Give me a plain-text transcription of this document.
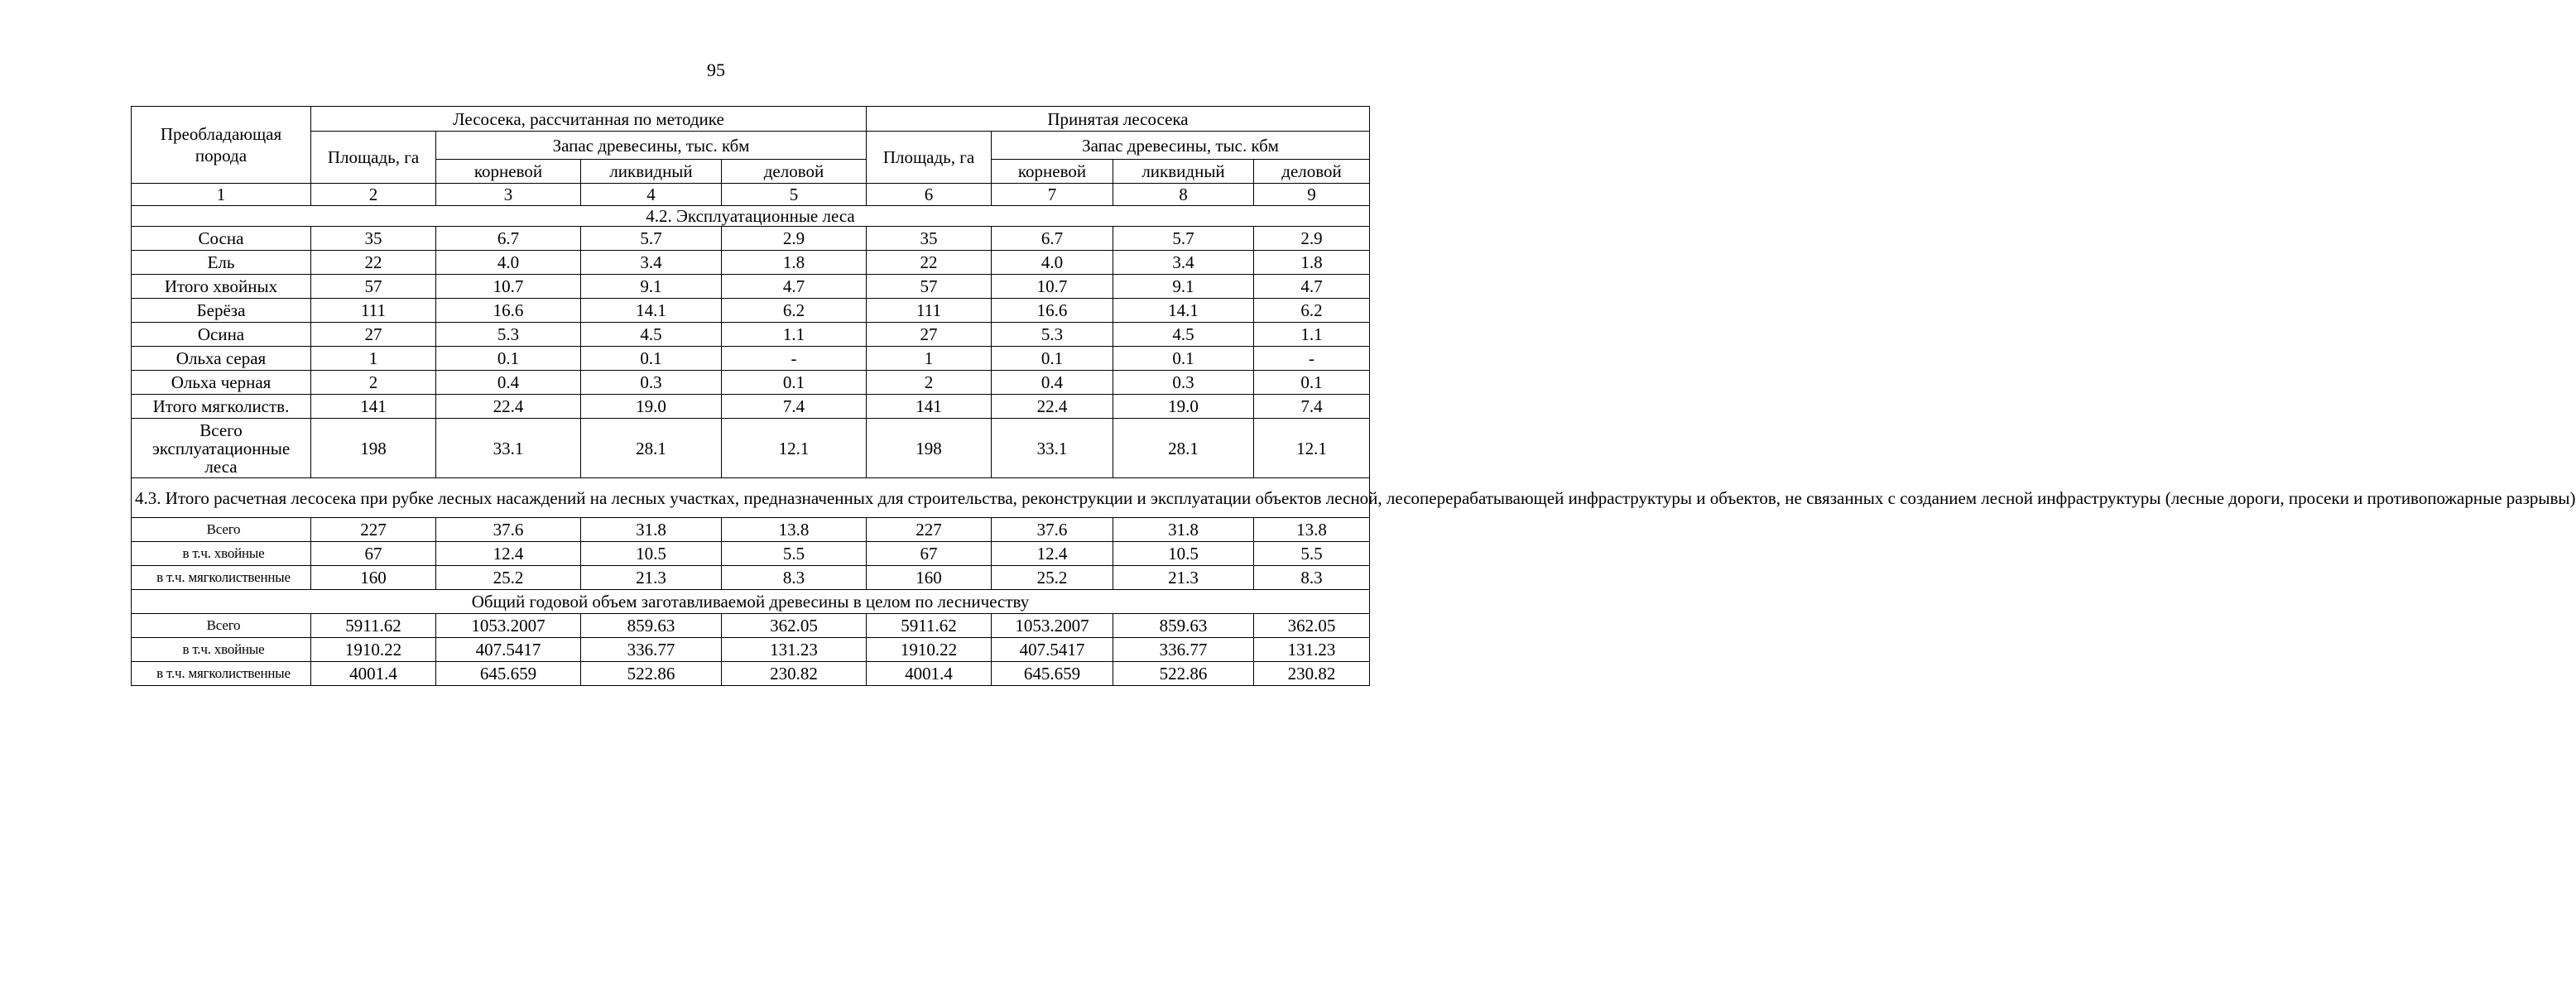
95
Преобладающая порода	Лесосека, рассчитанная по методике				Принятая лесосека			
	Площадь, га	Запас древесины, тыс. кбм			Площадь, га	Запас древесины, тыс. кбм		
		корневой	ликвидный	деловой		корневой	ликвидный	деловой
1	2	3	4	5	6	7	8	9
4.2. Эксплуатационные леса								
Сосна	35	6.7	5.7	2.9	35	6.7	5.7	2.9
Ель	22	4.0	3.4	1.8	22	4.0	3.4	1.8
Итого хвойных	57	10.7	9.1	4.7	57	10.7	9.1	4.7
Берёза	111	16.6	14.1	6.2	111	16.6	14.1	6.2
Осина	27	5.3	4.5	1.1	27	5.3	4.5	1.1
Ольха серая	1	0.1	0.1	-	1	0.1	0.1	-
Ольха черная	2	0.4	0.3	0.1	2	0.4	0.3	0.1
Итого мягколиств.	141	22.4	19.0	7.4	141	22.4	19.0	7.4
Всего эксплуатационные леса	198	33.1	28.1	12.1	198	33.1	28.1	12.1
4.3. Итого расчетная лесосека при рубке лесных насаждений на лесных участках, предназначенных для строительства, реконструкции и эксплуатации объектов лесной, лесоперерабатывающей инфраструктуры и объектов, не связанных с созданием лесной инфраструктуры (лесные дороги, просеки и противопожарные разрывы)								
Всего	227	37.6	31.8	13.8	227	37.6	31.8	13.8
в т.ч. хвойные	67	12.4	10.5	5.5	67	12.4	10.5	5.5
в т.ч. мягколиственные	160	25.2	21.3	8.3	160	25.2	21.3	8.3
Общий годовой объем заготавливаемой древесины в целом по лесничеству								
Всего	5911.62	1053.2007	859.63	362.05	5911.62	1053.2007	859.63	362.05
в т.ч. хвойные	1910.22	407.5417	336.77	131.23	1910.22	407.5417	336.77	131.23
в т.ч. мягколиственные	4001.4	645.659	522.86	230.82	4001.4	645.659	522.86	230.82
